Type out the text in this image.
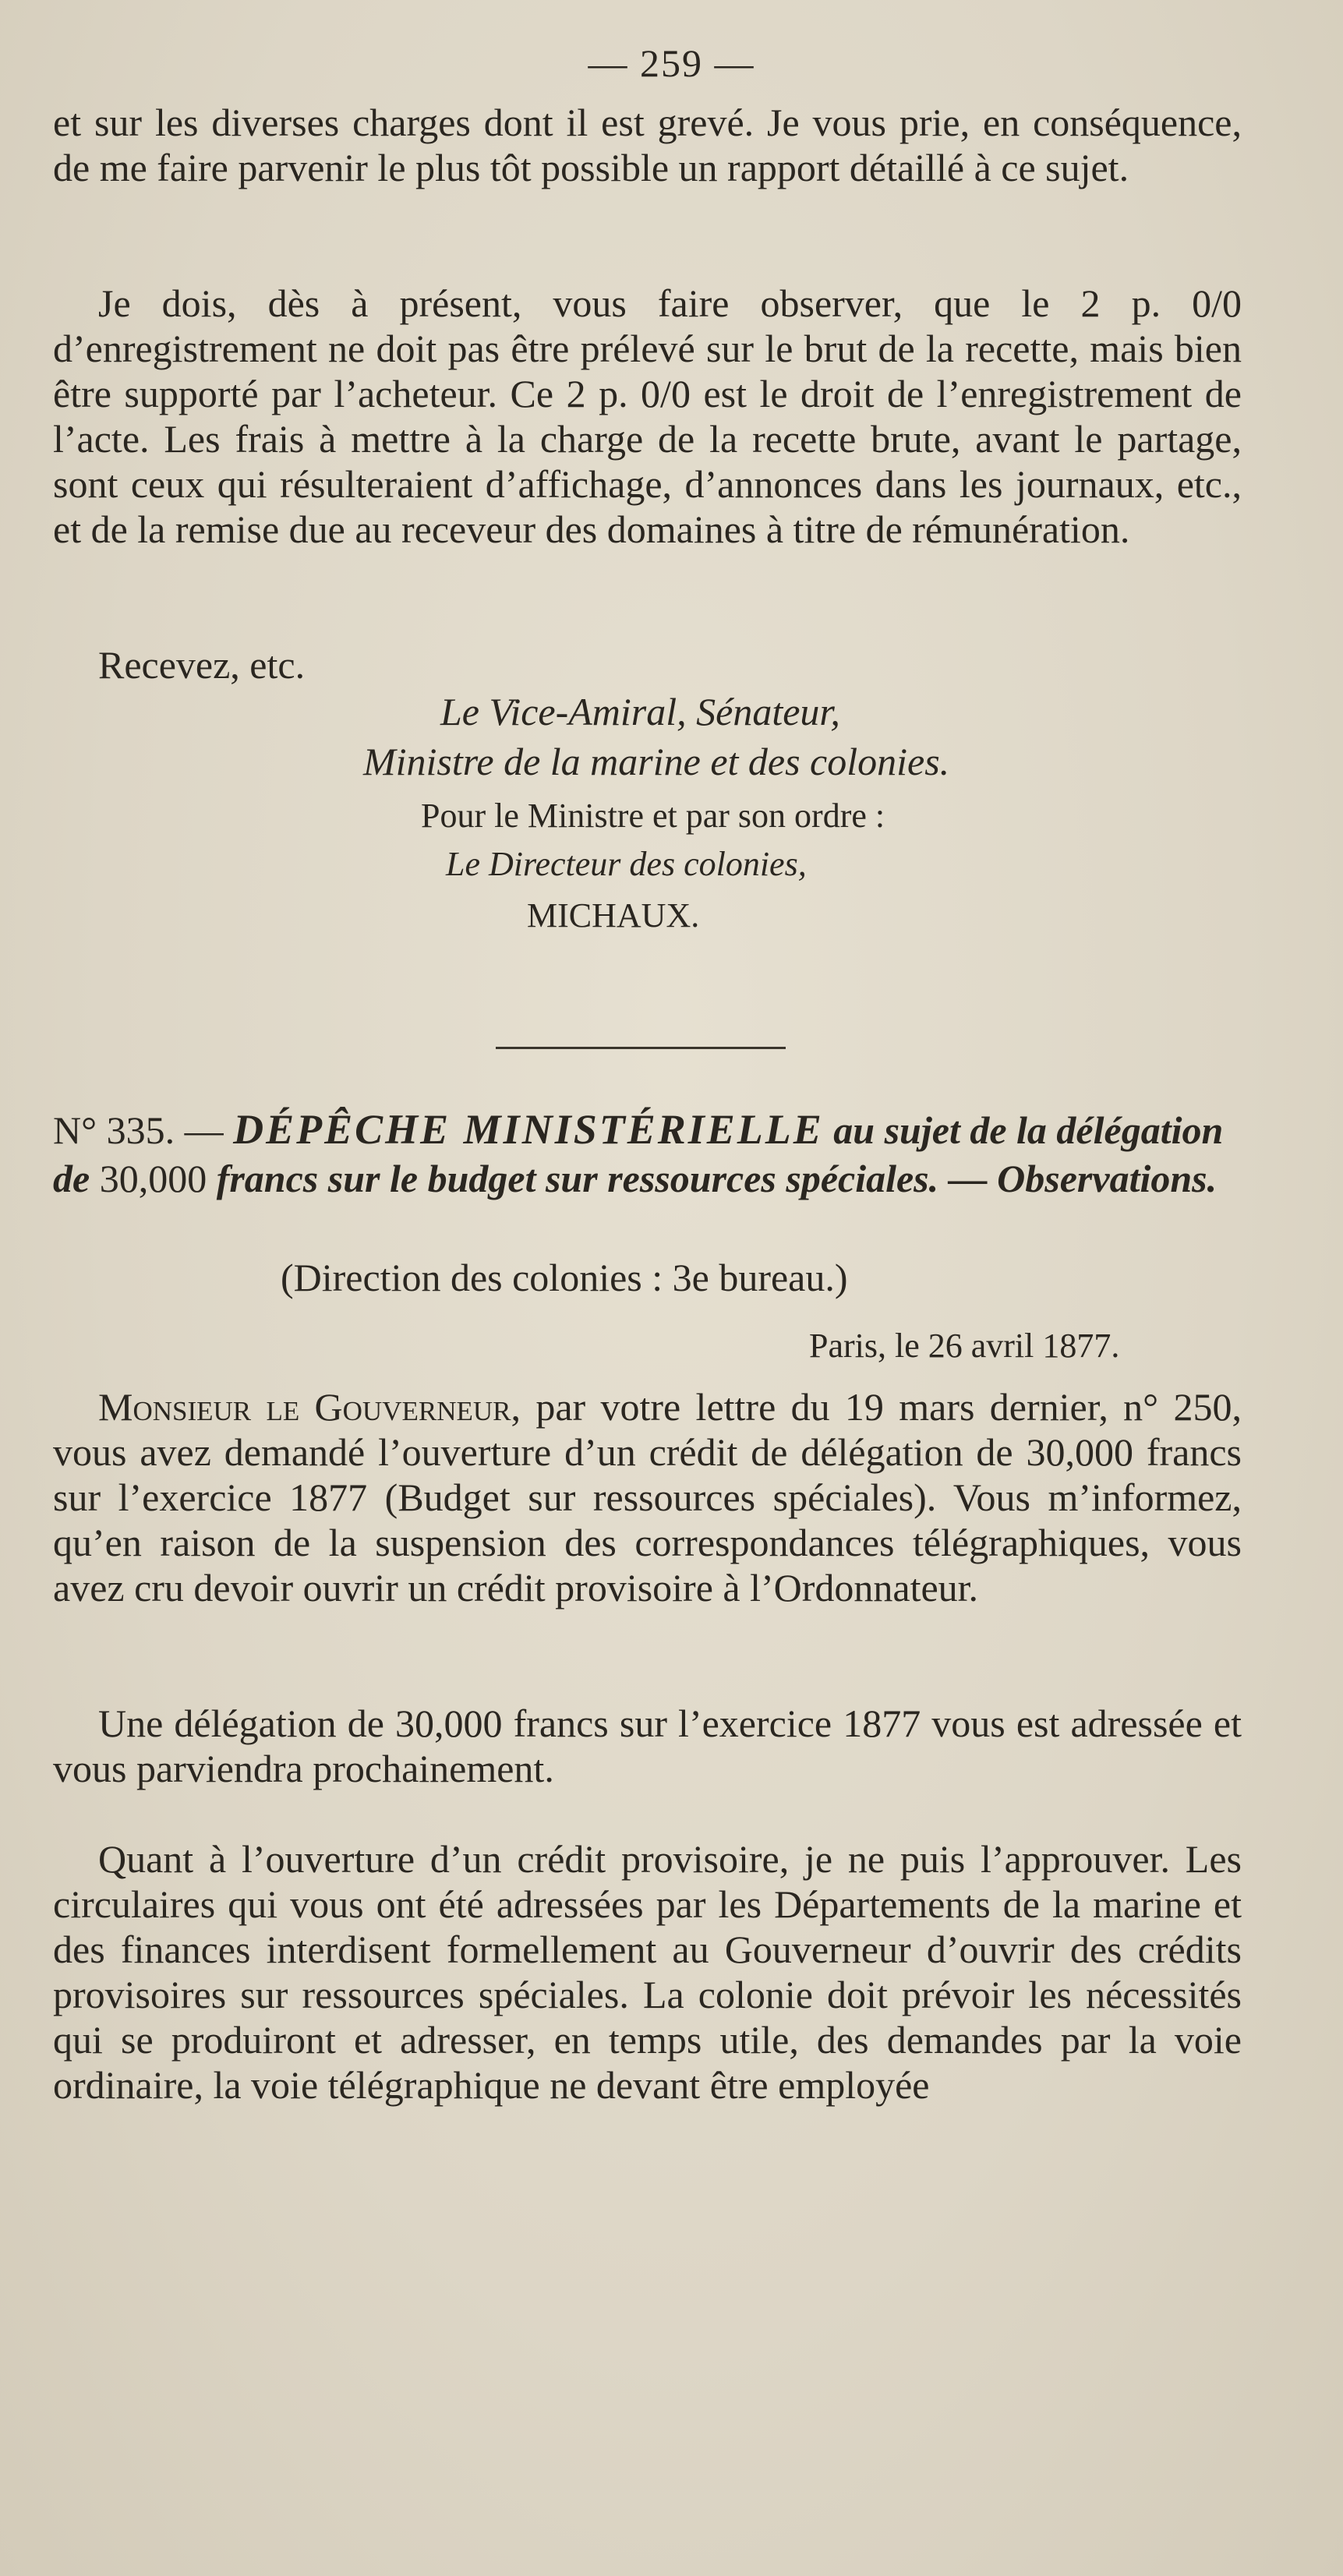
— 259 —
et sur les diverses charges dont il est grevé. Je vous prie, en conséquence, de me faire parvenir le plus tôt possible un rapport détaillé à ce sujet.
Je dois, dès à présent, vous faire observer, que le 2 p. 0/0 d’enregistrement ne doit pas être prélevé sur le brut de la recette, mais bien être supporté par l’acheteur. Ce 2 p. 0/0 est le droit de l’enregistrement de l’acte. Les frais à mettre à la charge de la recette brute, avant le partage, sont ceux qui résulteraient d’affichage, d’annonces dans les journaux, etc., et de la remise due au receveur des domaines à titre de rémunération.
Recevez, etc.
Le Vice-Amiral, Sénateur,
Ministre de la marine et des colonies.
Pour le Ministre et par son ordre :
Le Directeur des colonies,
MICHAUX.
N° 335. — DÉPÊCHE MINISTÉRIELLE au sujet de la délégation de 30,000 francs sur le budget sur ressources spéciales. — Observations.
(Direction des colonies : 3e bureau.)
Paris, le 26 avril 1877.
Monsieur le Gouverneur, par votre lettre du 19 mars dernier, n° 250, vous avez demandé l’ouverture d’un crédit de délégation de 30,000 francs sur l’exercice 1877 (Budget sur ressources spéciales). Vous m’informez, qu’en raison de la suspension des correspondances télégraphiques, vous avez cru devoir ouvrir un crédit provisoire à l’Ordonnateur.
Une délégation de 30,000 francs sur l’exercice 1877 vous est adressée et vous parviendra prochainement.
Quant à l’ouverture d’un crédit provisoire, je ne puis l’approuver. Les circulaires qui vous ont été adressées par les Départements de la marine et des finances interdisent formellement au Gouverneur d’ouvrir des crédits provisoires sur ressources spéciales. La colonie doit prévoir les nécessités qui se produiront et adresser, en temps utile, des demandes par la voie ordinaire, la voie télégraphique ne devant être employée
